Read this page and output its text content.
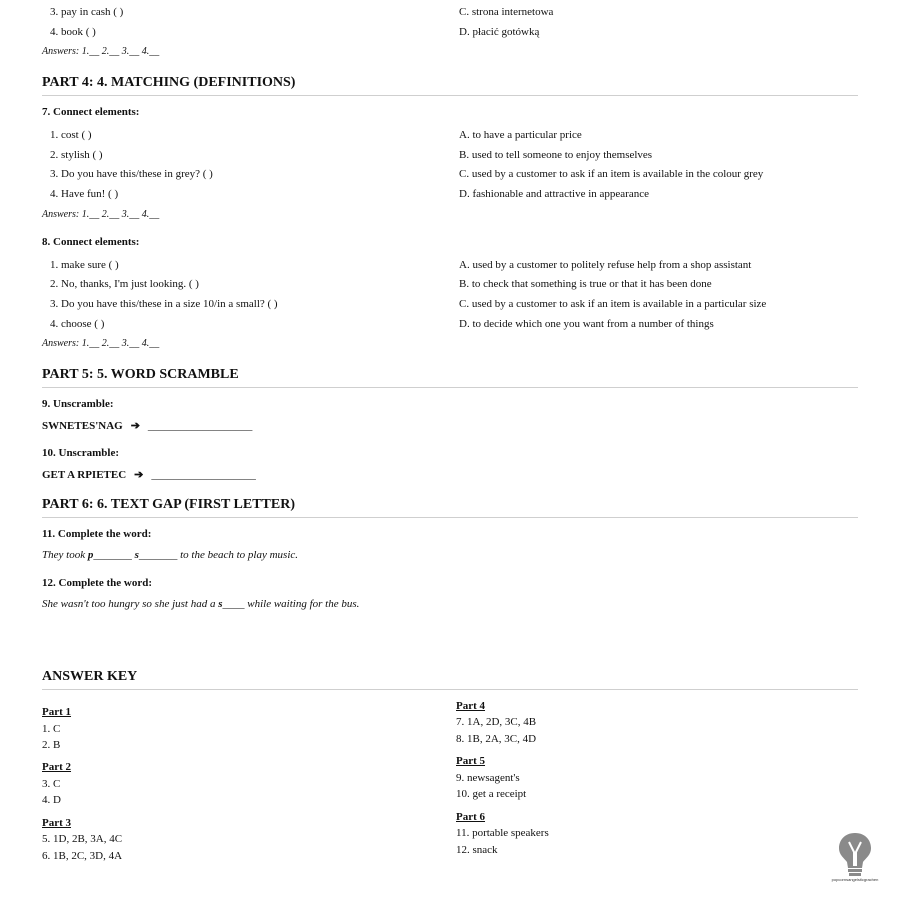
3. pay in cash ( )	C. strona internetowa
4. book ( )	D. płacić gotówką
Answers: 1.__ 2.__ 3.__ 4.__
PART 4: 4. MATCHING (DEFINITIONS)
7. Connect elements:
1. cost ( )	A. to have a particular price
2. stylish ( )	B. used to tell someone to enjoy themselves
3. Do you have this/these in grey? ( )	C. used by a customer to ask if an item is available in the colour grey
4. Have fun! ( )	D. fashionable and attractive in appearance
Answers: 1.__ 2.__ 3.__ 4.__
8. Connect elements:
1. make sure ( )	A. used by a customer to politely refuse help from a shop assistant
2. No, thanks, I'm just looking. ( )	B. to check that something is true or that it has been done
3. Do you have this/these in a size 10/in a small? ( )	C. used by a customer to ask if an item is available in a particular size
4. choose ( )	D. to decide which one you want from a number of things
Answers: 1.__ 2.__ 3.__ 4.__
PART 5: 5. WORD SCRAMBLE
9. Unscramble:
SWNETES'NAG ➔ ___________________
10. Unscramble:
GET A RPIETEC ➔ ___________________
PART 6: 6. TEXT GAP (FIRST LETTER)
11. Complete the word:
They took p_______ s_______ to the beach to play music.
12. Complete the word:
She wasn't too hungry so she just had a s____ while waiting for the bus.
ANSWER KEY
Part 1
1. C
2. B
Part 2
3. C
4. D
Part 3
5. 1D, 2B, 3A, 4C
6. 1B, 2C, 3D, 4A
Part 4
7. 1A, 2D, 3C, 4B
8. 1B, 2A, 3C, 4D
Part 5
9. newsagent's
10. get a receipt
Part 6
11. portable speakers
12. snack
popcornsangelsticgrachen
